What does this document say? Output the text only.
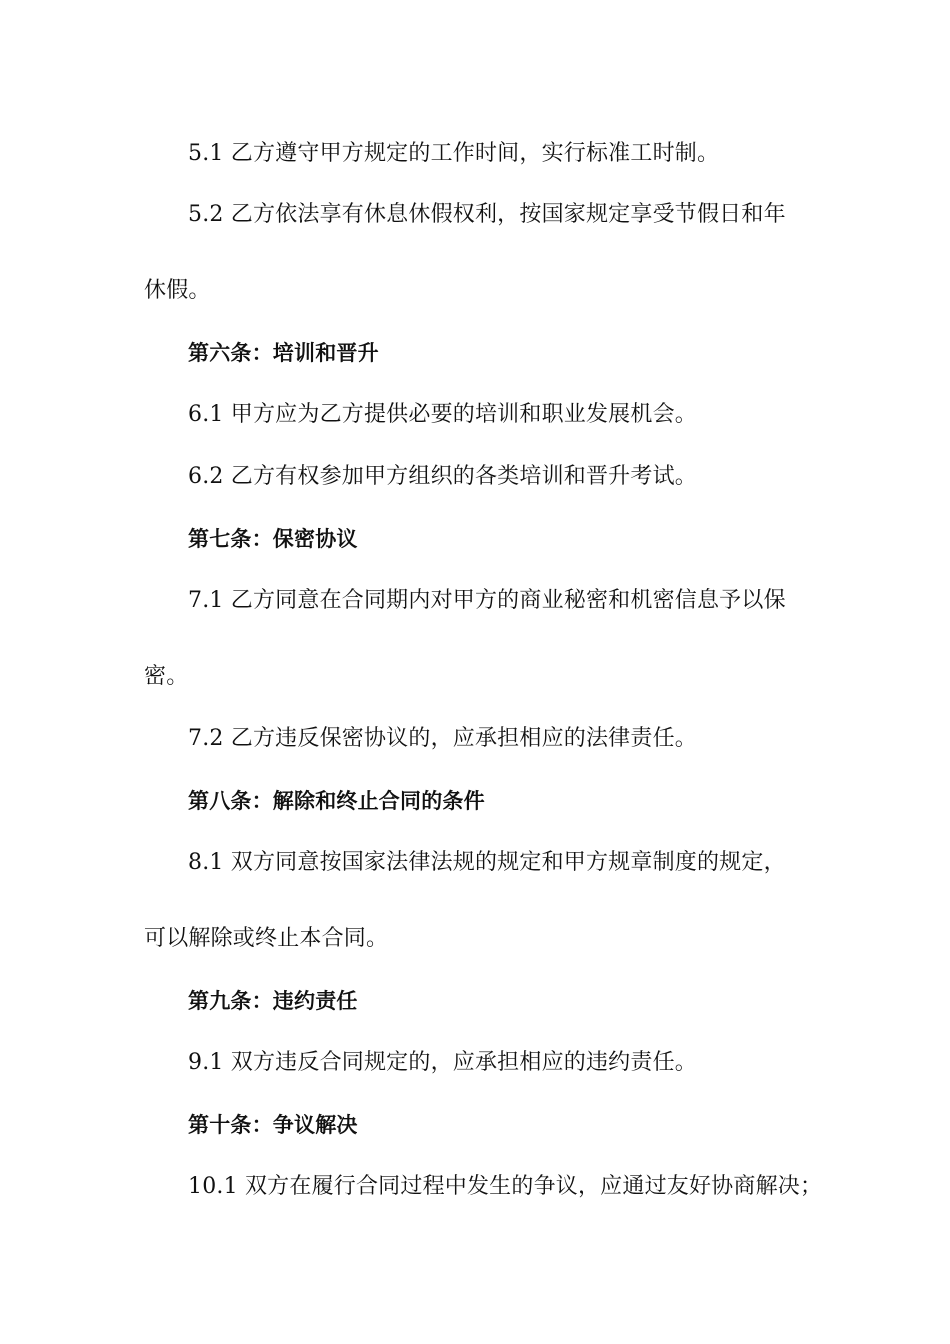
5.1 乙方遵守甲方规定的工作时间，实行标准工时制。
5.2 乙方依法享有休息休假权利，按国家规定享受节假日和年
休假。
第六条：培训和晋升
6.1 甲方应为乙方提供必要的培训和职业发展机会。
6.2 乙方有权参加甲方组织的各类培训和晋升考试。
第七条：保密协议
7.1 乙方同意在合同期内对甲方的商业秘密和机密信息予以保
密。
7.2 乙方违反保密协议的，应承担相应的法律责任。
第八条：解除和终止合同的条件
8.1 双方同意按国家法律法规的规定和甲方规章制度的规定，
可以解除或终止本合同。
第九条：违约责任
9.1 双方违反合同规定的，应承担相应的违约责任。
第十条：争议解决
10.1 双方在履行合同过程中发生的争议，应通过友好协商解决；
